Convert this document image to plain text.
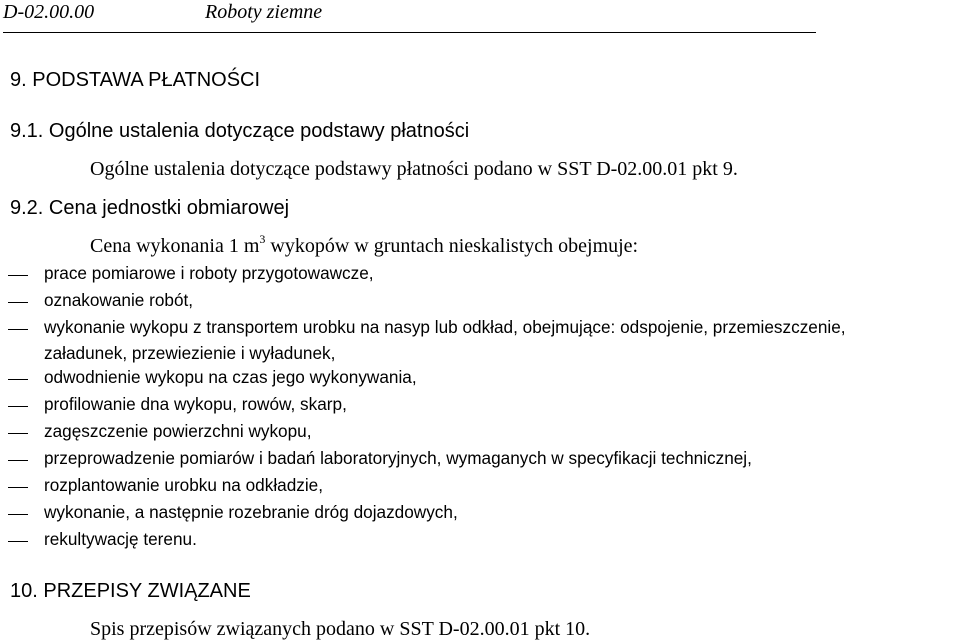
D-02.00.00	Roboty ziemne
9. PODSTAWA PŁATNOŚCI
9.1. Ogólne ustalenia dotyczące podstawy płatności
Ogólne ustalenia dotyczące podstawy płatności podano w SST D-02.00.01 pkt 9.
9.2. Cena jednostki obmiarowej
Cena wykonania 1 $m^3$ wykopów w gruntach nieskalistych obejmuje:
prace pomiarowe i roboty przygotowawcze,
oznakowanie robót,
wykonanie wykopu z transportem urobku na nasyp lub odkład, obejmujące: odspojenie, przemieszczenie,
załadunek, przewiezienie i wyładunek,
odwodnienie wykopu na czas jego wykonywania,
profilowanie dna wykopu, rowów, skarp,
zagęszczenie powierzchni wykopu,
przeprowadzenie pomiarów i badań laboratoryjnych, wymaganych w specyfikacji technicznej,
rozplantowanie urobku na odkładzie,
wykonanie, a następnie rozebranie dróg dojazdowych,
rekultywację terenu.
10. PRZEPISY ZWIĄZANE
Spis przepisów związanych podano w SST D-02.00.01 pkt 10.
